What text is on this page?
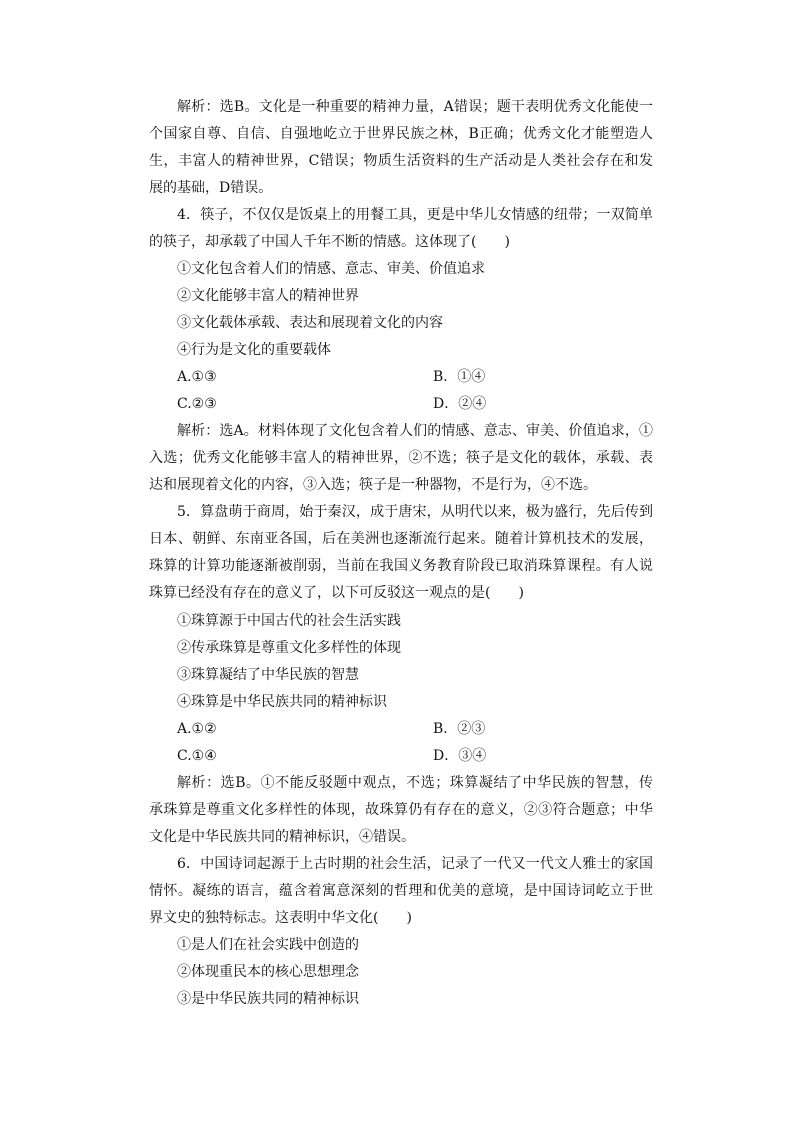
解析：选B。文化是一种重要的精神力量，A错误；题干表明优秀文化能使一
个国家自尊、自信、自强地屹立于世界民族之林，B正确；优秀文化才能塑造人
生，丰富人的精神世界，C错误；物质生活资料的生产活动是人类社会存在和发
展的基础，D错误。
4．筷子，不仅仅是饭桌上的用餐工具，更是中华儿女情感的纽带；一双简单
的筷子，却承载了中国人千年不断的情感。这体现了(　　)
①文化包含着人们的情感、意志、审美、价值追求
②文化能够丰富人的精神世界
③文化载体承载、表达和展现着文化的内容
④行为是文化的重要载体
A.①③	B．①④
C.②③	D．②④
解析：选A。材料体现了文化包含着人们的情感、意志、审美、价值追求，①
入选；优秀文化能够丰富人的精神世界，②不选；筷子是文化的载体，承载、表
达和展现着文化的内容，③入选；筷子是一种器物，不是行为，④不选。
5．算盘萌于商周，始于秦汉，成于唐宋，从明代以来，极为盛行，先后传到
日本、朝鲜、东南亚各国，后在美洲也逐渐流行起来。随着计算机技术的发展，
珠算的计算功能逐渐被削弱，当前在我国义务教育阶段已取消珠算课程。有人说
珠算已经没有存在的意义了，以下可反驳这一观点的是(　　)
①珠算源于中国古代的社会生活实践
②传承珠算是尊重文化多样性的体现
③珠算凝结了中华民族的智慧
④珠算是中华民族共同的精神标识
A.①②	B．②③
C.①④	D．③④
解析：选B。①不能反驳题中观点，不选；珠算凝结了中华民族的智慧，传
承珠算是尊重文化多样性的体现，故珠算仍有存在的意义，②③符合题意；中华
文化是中华民族共同的精神标识，④错误。
6．中国诗词起源于上古时期的社会生活，记录了一代又一代文人雅士的家国
情怀。凝练的语言，蕴含着寓意深刻的哲理和优美的意境，是中国诗词屹立于世
界文史的独特标志。这表明中华文化(　　)
①是人们在社会实践中创造的
②体现重民本的核心思想理念
③是中华民族共同的精神标识
